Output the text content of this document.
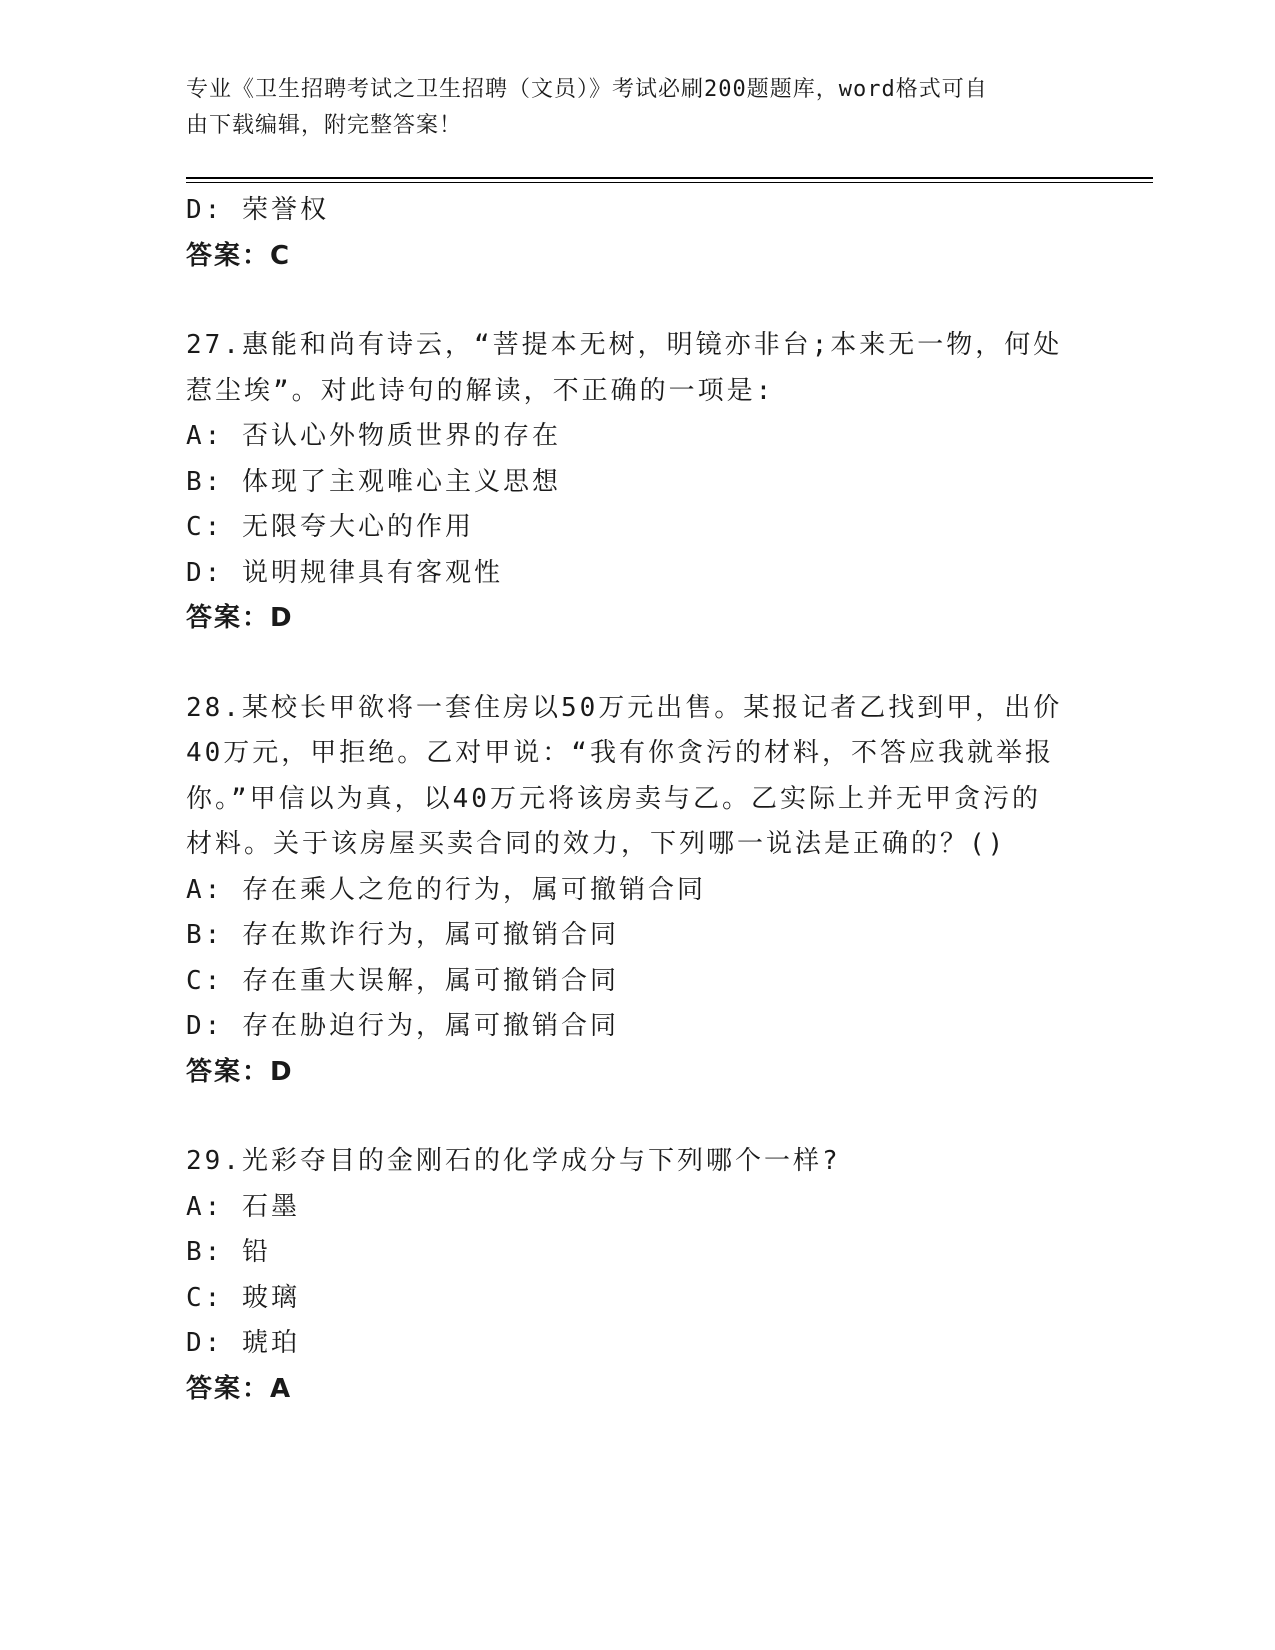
专业《卫生招聘考试之卫生招聘（文员）》考试必刷200题题库，word格式可自
由下载编辑，附完整答案！
D: 荣誉权
答案：C
27.惠能和尚有诗云，“菩提本无树，明镜亦非台;本来无一物，何处
惹尘埃”。对此诗句的解读，不正确的一项是:
A: 否认心外物质世界的存在
B: 体现了主观唯心主义思想
C: 无限夸大心的作用
D: 说明规律具有客观性
答案：D
28.某校长甲欲将一套住房以50万元出售。某报记者乙找到甲，出价
40万元，甲拒绝。乙对甲说：“我有你贪污的材料，不答应我就举报
你。”甲信以为真，以40万元将该房卖与乙。乙实际上并无甲贪污的
材料。关于该房屋买卖合同的效力，下列哪一说法是正确的？()
A: 存在乘人之危的行为，属可撤销合同
B: 存在欺诈行为，属可撤销合同
C: 存在重大误解，属可撤销合同
D: 存在胁迫行为，属可撤销合同
答案：D
29.光彩夺目的金刚石的化学成分与下列哪个一样?
A: 石墨
B: 铅
C: 玻璃
D: 琥珀
答案：A
